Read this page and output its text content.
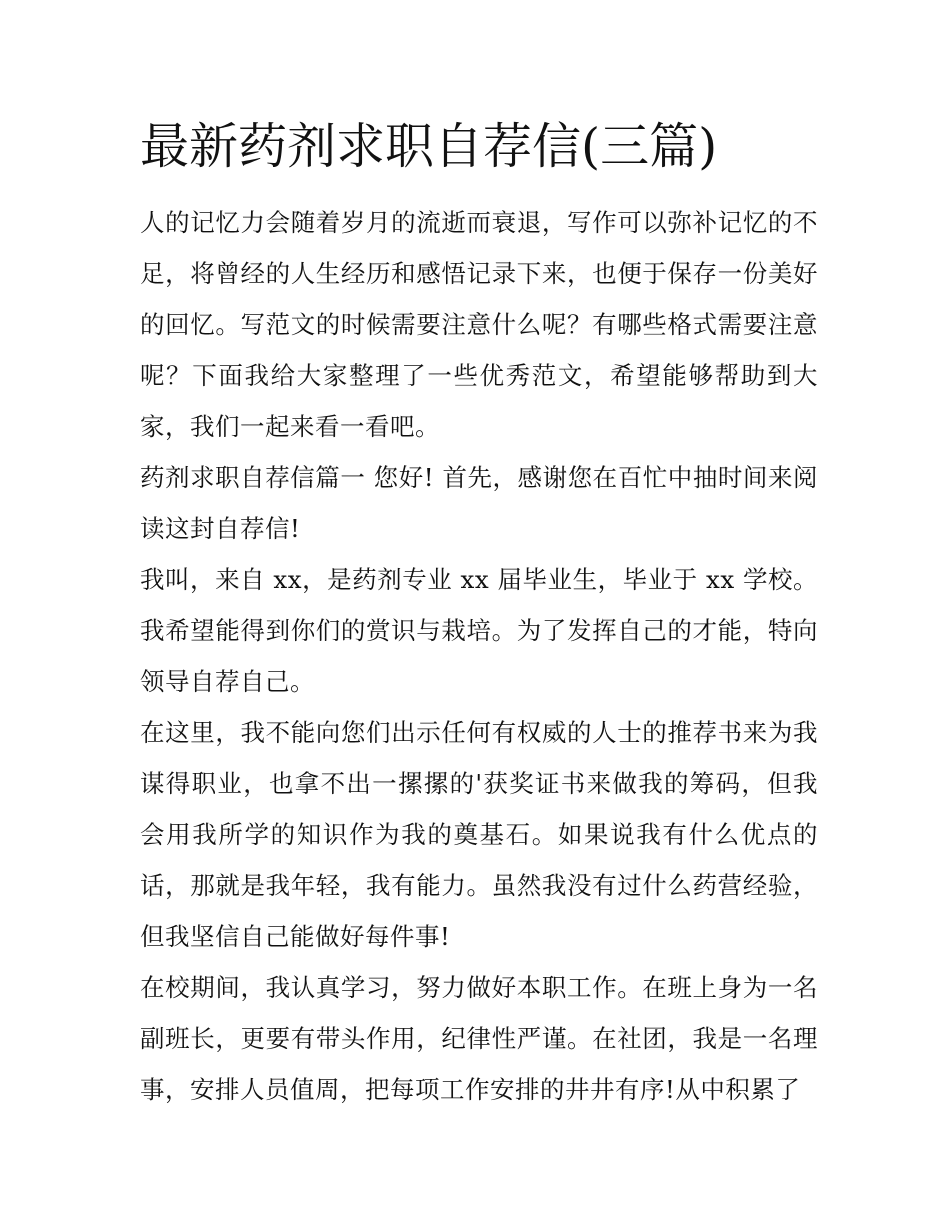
最新药剂求职自荐信(三篇)

人的记忆力会随着岁月的流逝而衰退，写作可以弥补记忆的不足，将曾经的人生经历和感悟记录下来，也便于保存一份美好的回忆。写范文的时候需要注意什么呢？有哪些格式需要注意呢？下面我给大家整理了一些优秀范文，希望能够帮助到大家，我们一起来看一看吧。

药剂求职自荐信篇一 您好! 首先，感谢您在百忙中抽时间来阅读这封自荐信!

我叫，来自 xx，是药剂专业 xx 届毕业生，毕业于 xx 学校。我希望能得到你们的赏识与栽培。为了发挥自己的才能，特向领导自荐自己。

在这里，我不能向您们出示任何有权威的人士的推荐书来为我谋得职业，也拿不出一摞摞的'获奖证书来做我的筹码，但我会用我所学的知识作为我的奠基石。如果说我有什么优点的话，那就是我年轻，我有能力。虽然我没有过什么药营经验，但我坚信自己能做好每件事!

在校期间，我认真学习，努力做好本职工作。在班上身为一名副班长，更要有带头作用，纪律性严谨。在社团，我是一名理事，安排人员值周，把每项工作安排的井井有序!从中积累了
